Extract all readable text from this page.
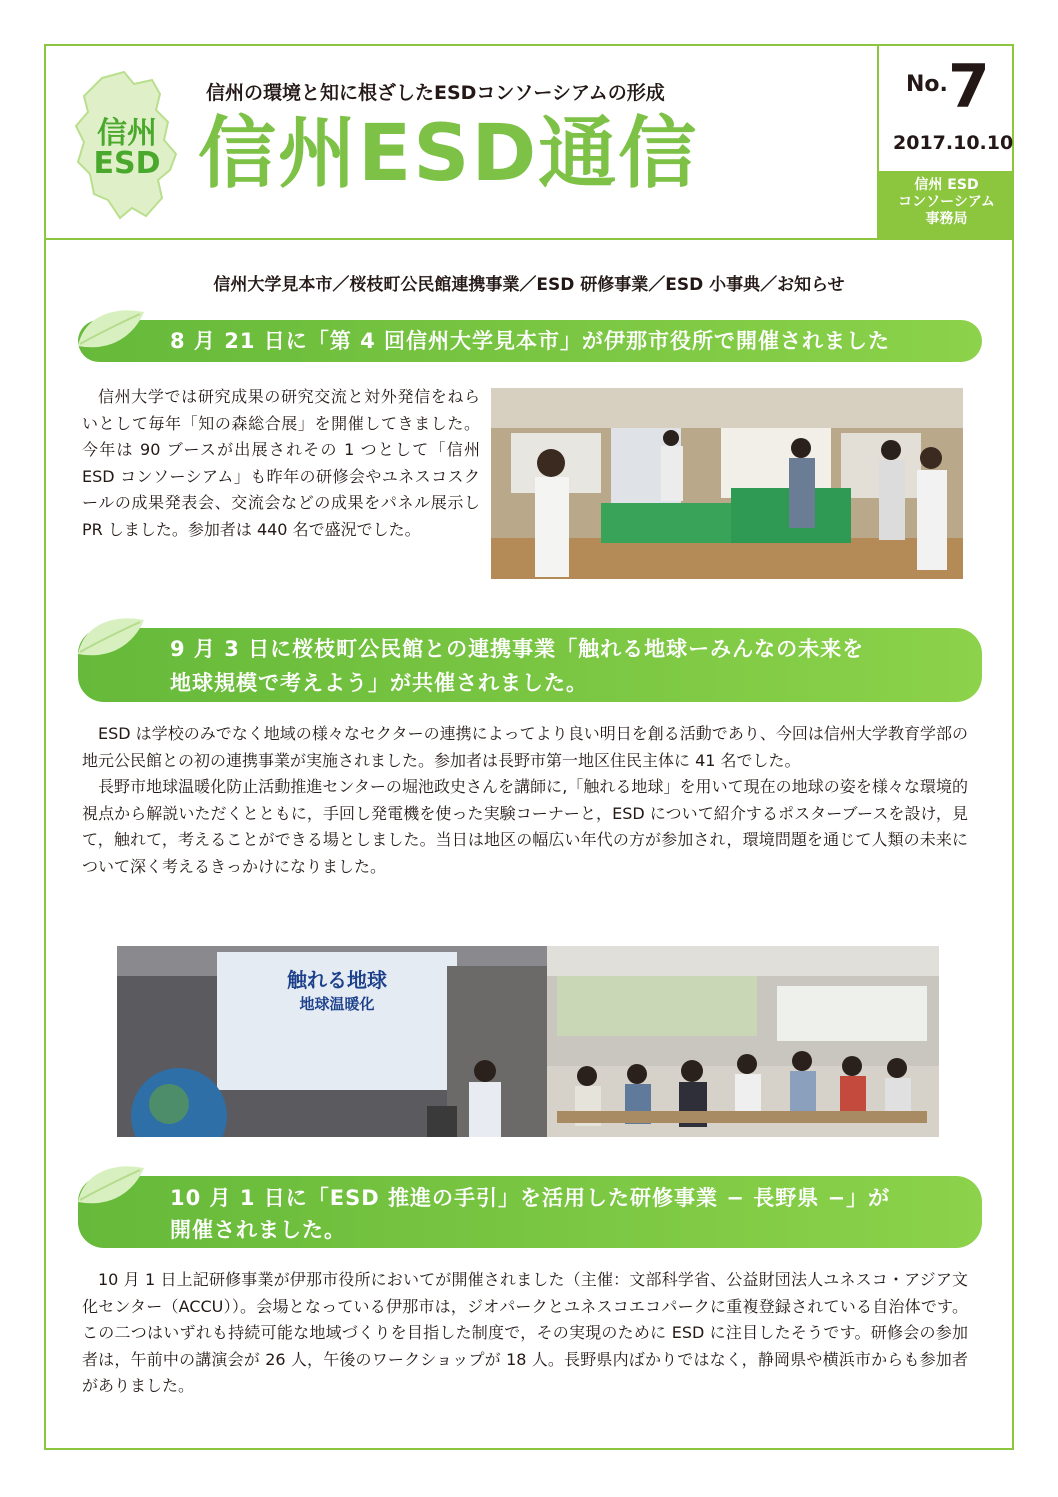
信州
ESD
信州の環境と知に根ざしたESDコンソーシアムの形成
信州ESD通信
No. 7
2017.10.10
信州 ESD
コンソーシアム
事務局
信州大学見本市／桜枝町公民館連携事業／ESD 研修事業／ESD 小事典／お知らせ
8 月 21 日に「第 4 回信州大学見本市」が伊那市役所で開催されました

信州大学では研究成果の研究交流と対外発信をねらいとして毎年「知の森総合展」を開催してきました。今年は 90 ブースが出展されその 1 つとして「信州 ESD コンソーシアム」も昨年の研修会やユネスコスクールの成果発表会、交流会などの成果をパネル展示し PR しました。参加者は 440 名で盛況でした。

9 月 3 日に桜枝町公民館との連携事業「触れる地球ーみんなの未来を
地球規模で考えよう」が共催されました。

ESD は学校のみでなく地域の様々なセクターの連携によってより良い明日を創る活動であり、今回は信州大学教育学部の地元公民館との初の連携事業が実施されました。参加者は長野市第一地区住民主体に 41 名でした。

長野市地球温暖化防止活動推進センターの堀池政史さんを講師に,「触れる地球」を用いて現在の地球の姿を様々な環境的視点から解説いただくとともに，手回し発電機を使った実験コーナーと，ESD について紹介するポスターブースを設け，見て，触れて，考えることができる場としました。当日は地区の幅広い年代の方が参加され，環境問題を通じて人類の未来について深く考えるきっかけになりました。

触れる地球
地球温暖化
10 月 1 日に「ESD 推進の手引」を活用した研修事業 − 長野県 −」が
開催されました。

10 月 1 日上記研修事業が伊那市役所においてが開催されました（主催：文部科学省、公益財団法人ユネスコ・アジア文化センター（ACCU））。会場となっている伊那市は，ジオパークとユネスコエコパークに重複登録されている自治体です。この二つはいずれも持続可能な地域づくりを目指した制度で，その実現のために ESD に注目したそうです。研修会の参加者は，午前中の講演会が 26 人，午後のワークショップが 18 人。長野県内ばかりではなく，静岡県や横浜市からも参加者がありました。
